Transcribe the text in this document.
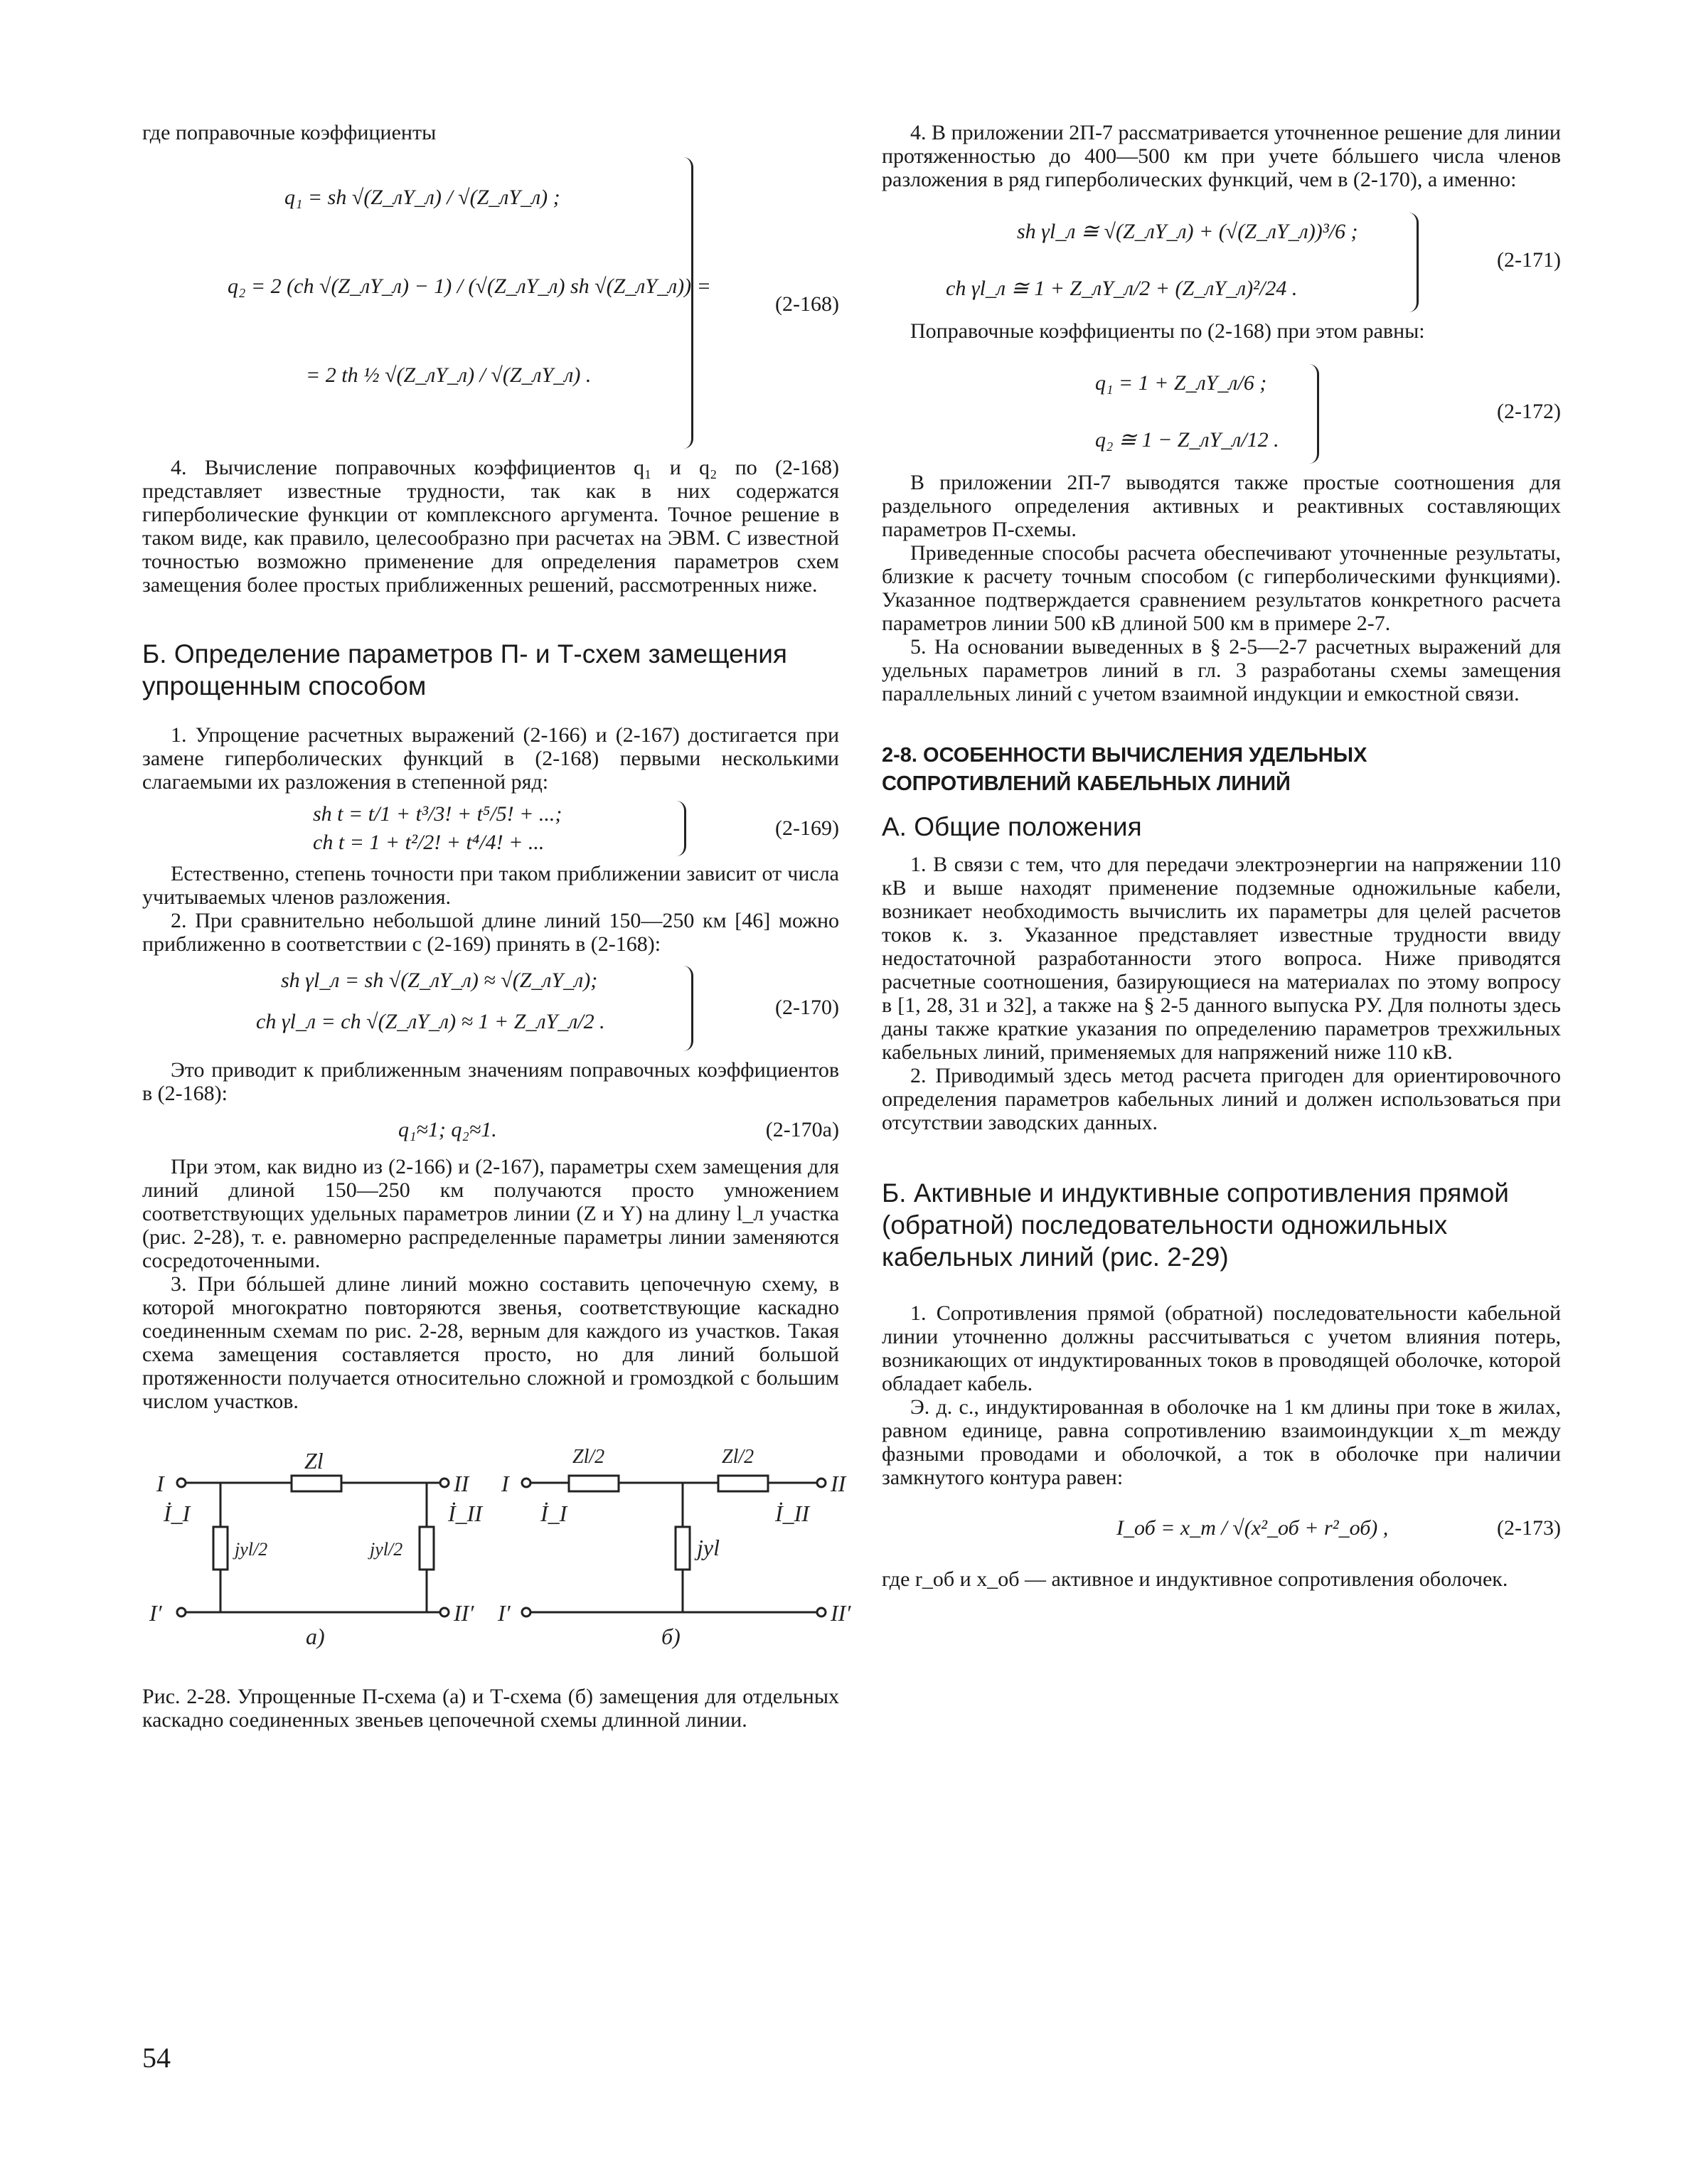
где поправочные коэффициенты

q₁ = sh √(Z_лY_л) / √(Z_лY_л) ;
q₂ = 2 (ch √(Z_лY_л) − 1) / (√(Z_лY_л) sh √(Z_лY_л)) =
= 2 th ½ √(Z_лY_л) / √(Z_лY_л) .
(2-168)

4. Вычисление поправочных коэффициентов q₁ и q₂ по (2-168) представляет известные трудности, так как в них содержатся гиперболические функции от комплексного аргумента. Точное решение в таком виде, как правило, целесообразно при расчетах на ЭВМ. С известной точностью возможно применение для определения параметров схем замещения более простых приближенных решений, рассмотренных ниже.

Б. Определение параметров П- и Т-схем замещения упрощенным способом

1. Упрощение расчетных выражений (2-166) и (2-167) достигается при замене гиперболических функций в (2-168) первыми несколькими слагаемыми их разложения в степенной ряд:

sh t = t/1 + t³/3! + t⁵/5! + ...;
ch t = 1 + t²/2! + t⁴/4! + ...
(2-169)

Естественно, степень точности при таком приближении зависит от числа учитываемых членов разложения.

2. При сравнительно небольшой длине линий 150—250 км [46] можно приближенно в соответствии с (2-169) принять в (2-168):

sh γl_л = sh √(Z_лY_л) ≈ √(Z_лY_л);
ch γl_л = ch √(Z_лY_л) ≈ 1 + Z_лY_л/2 .
(2-170)

Это приводит к приближенным значениям поправочных коэффициентов в (2-168):

q₁≈1; q₂≈1.	(2-170a)

При этом, как видно из (2-166) и (2-167), параметры схем замещения для линий длиной 150—250 км получаются просто умножением соответствующих удельных параметров линии (Z и Y) на длину l_л участка (рис. 2-28), т. е. равномерно распределенные параметры линии заменяются сосредоточенными.

3. При бóльшей длине линий можно составить цепочечную схему, в которой многократно повторяются звенья, соответствующие каскадно соединенным схемам по рис. 2-28, верным для каждого из участков. Такая схема замещения составляется просто, но для линий большой протяженности получается относительно сложной и громоздкой с большим числом участков.

I
I′
II
II′
Zl
İ_I	İ_II
jyl/2	jyl/2
а)
I
I′
II
II′
Zl/2	Zl/2
İ_I	İ_II
jyl
б)

Рис. 2-28. Упрощенные П-схема (а) и Т-схема (б) замещения для отдельных каскадно соединенных звеньев цепочечной схемы длинной линии.

4. В приложении 2П-7 рассматривается уточненное решение для линии протяженностью до 400—500 км при учете бóльшего числа членов разложения в ряд гиперболических функций, чем в (2-170), а именно:

sh γl_л ≅ √(Z_лY_л) + (√(Z_лY_л))³/6 ;
ch γl_л ≅ 1 + Z_лY_л/2 + (Z_лY_л)²/24 .
(2-171)

Поправочные коэффициенты по (2-168) при этом равны:

q₁ = 1 + Z_лY_л/6 ;
q₂ ≅ 1 − Z_лY_л/12 .
(2-172)

В приложении 2П-7 выводятся также простые соотношения для раздельного определения активных и реактивных составляющих параметров П-схемы.

Приведенные способы расчета обеспечивают уточненные результаты, близкие к расчету точным способом (с гиперболическими функциями). Указанное подтверждается сравнением результатов конкретного расчета параметров линии 500 кВ длиной 500 км в примере 2-7.

5. На основании выведенных в § 2-5—2-7 расчетных выражений для удельных параметров линий в гл. 3 разработаны схемы замещения параллельных линий с учетом взаимной индукции и емкостной связи.

2-8. ОСОБЕННОСТИ ВЫЧИСЛЕНИЯ УДЕЛЬНЫХ СОПРОТИВЛЕНИЙ КАБЕЛЬНЫХ ЛИНИЙ
А. Общие положения

1. В связи с тем, что для передачи электроэнергии на напряжении 110 кВ и выше находят применение подземные одножильные кабели, возникает необходимость вычислить их параметры для целей расчетов токов к. з. Указанное представляет известные трудности ввиду недостаточной разработанности этого вопроса. Ниже приводятся расчетные соотношения, базирующиеся на материалах по этому вопросу в [1, 28, 31 и 32], а также на § 2-5 данного выпуска РУ. Для полноты здесь даны также краткие указания по определению параметров трехжильных кабельных линий, применяемых для напряжений ниже 110 кВ.

2. Приводимый здесь метод расчета пригоден для ориентировочного определения параметров кабельных линий и должен использоваться при отсутствии заводских данных.

Б. Активные и индуктивные сопротивления прямой (обратной) последовательности одножильных кабельных линий (рис. 2-29)

1. Сопротивления прямой (обратной) последовательности кабельной линии уточненно должны рассчитываться с учетом влияния потерь, возникающих от индуктированных токов в проводящей оболочке, которой обладает кабель.

Э. д. с., индуктированная в оболочке на 1 км длины при токе в жилах, равном единице, равна сопротивлению взаимоиндукции x_m между фазными проводами и оболочкой, а ток в оболочке при наличии замкнутого контура равен:

I_об = x_m / √(x²_об + r²_об) ,	(2-173)

где r_об и x_об — активное и индуктивное сопротивления оболочек.

54
